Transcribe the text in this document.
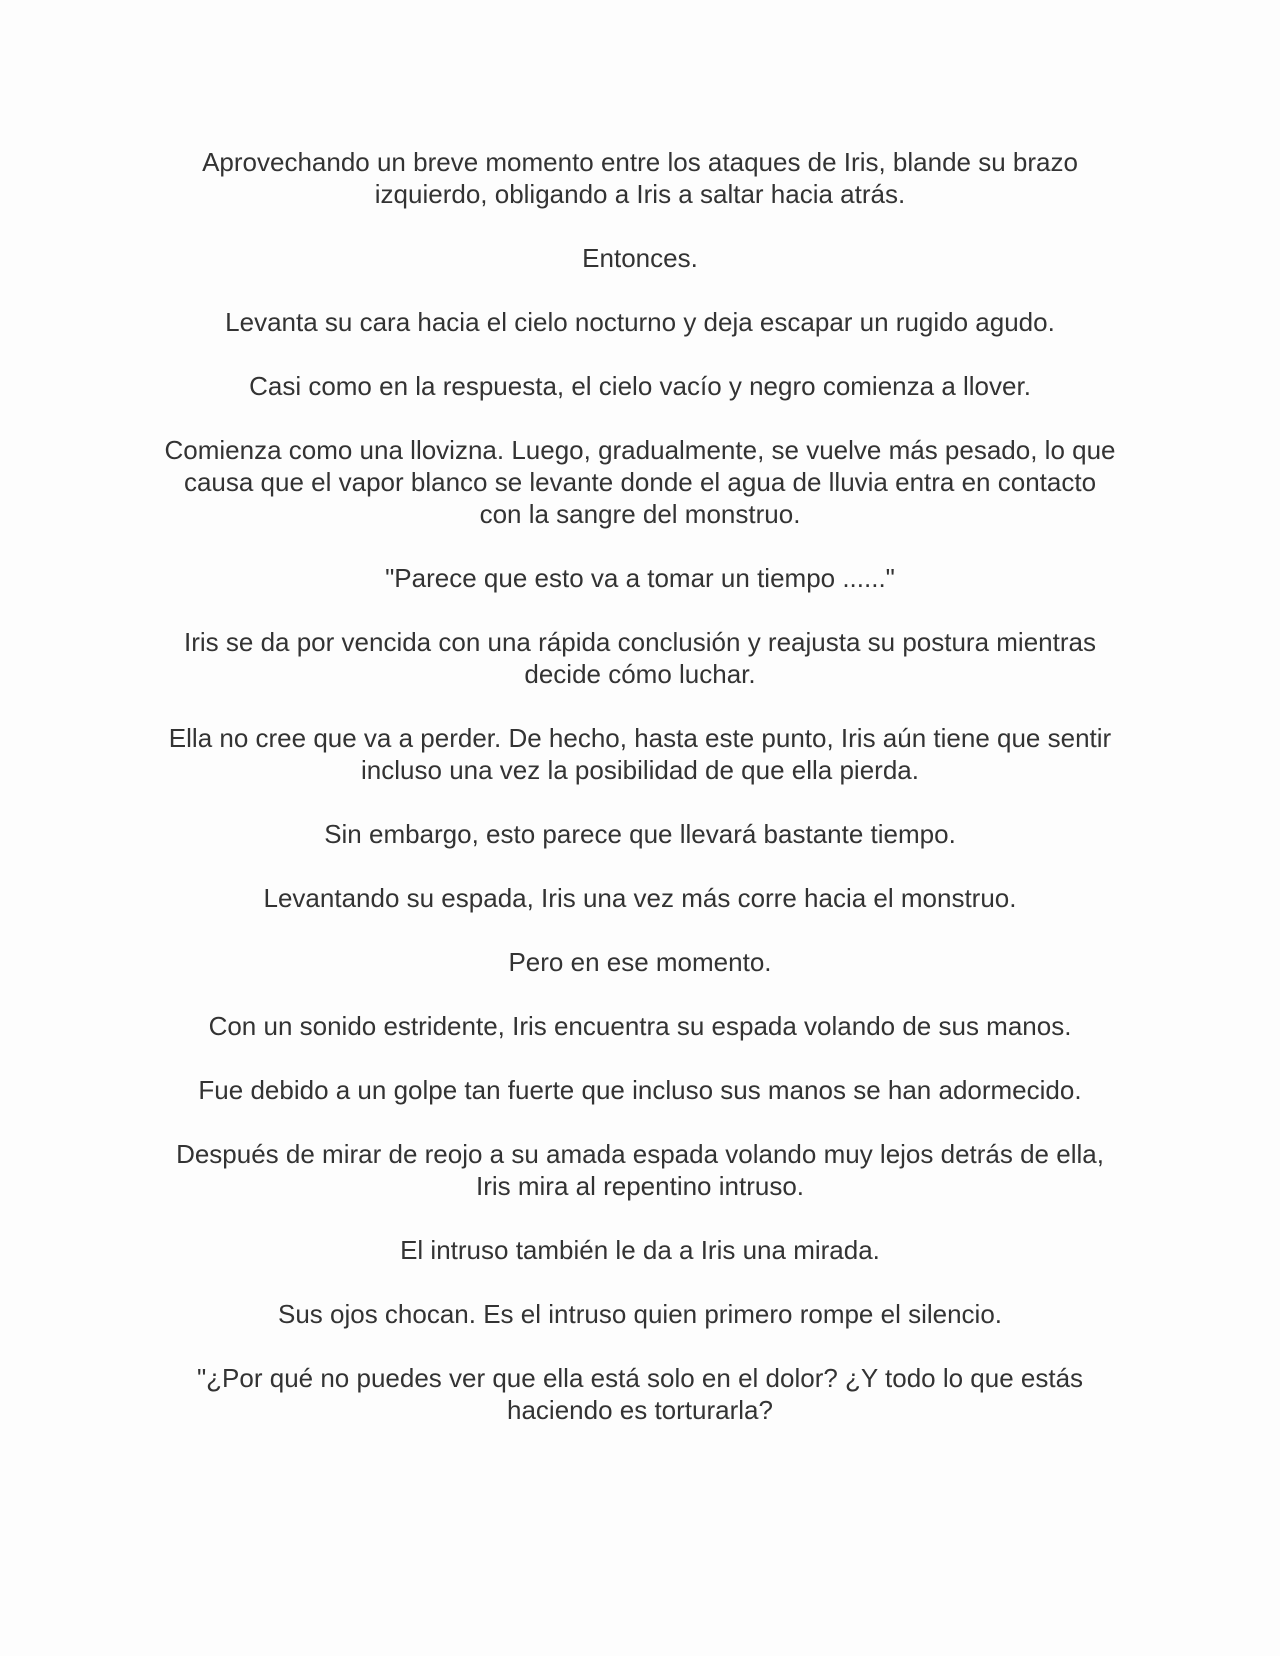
Aprovechando un breve momento entre los ataques de Iris, blande su brazo izquierdo, obligando a Iris a saltar hacia atrás.

Entonces.

Levanta su cara hacia el cielo nocturno y deja escapar un rugido agudo.

Casi como en la respuesta, el cielo vacío y negro comienza a llover.

Comienza como una llovizna. Luego, gradualmente, se vuelve más pesado, lo que causa que el vapor blanco se levante donde el agua de lluvia entra en contacto con la sangre del monstruo.

"Parece que esto va a tomar un tiempo ......"

Iris se da por vencida con una rápida conclusión y reajusta su postura mientras decide cómo luchar.

Ella no cree que va a perder. De hecho, hasta este punto, Iris aún tiene que sentir incluso una vez la posibilidad de que ella pierda.

Sin embargo, esto parece que llevará bastante tiempo.

Levantando su espada, Iris una vez más corre hacia el monstruo.

Pero en ese momento.

Con un sonido estridente, Iris encuentra su espada volando de sus manos.

Fue debido a un golpe tan fuerte que incluso sus manos se han adormecido.

Después de mirar de reojo a su amada espada volando muy lejos detrás de ella, Iris mira al repentino intruso.

El intruso también le da a Iris una mirada.

Sus ojos chocan. Es el intruso quien primero rompe el silencio.

"¿Por qué no puedes ver que ella está solo en el dolor? ¿Y todo lo que estás haciendo es torturarla?
